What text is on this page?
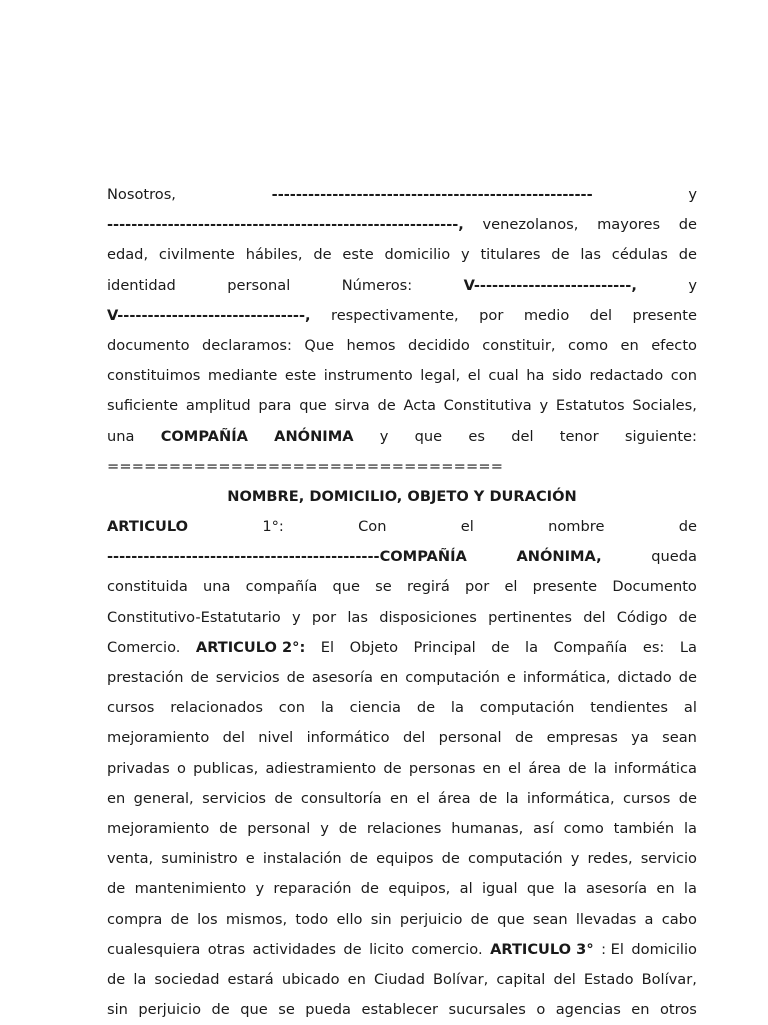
Nosotros,	-----------------------------------------------------	y
----------------------------------------------------------, venezolanos, mayores de
edad, civilmente hábiles, de este domicilio y titulares de las cédulas de
identidad	personal	Números:	V--------------------------,	y
V-------------------------------, respectivamente, por medio del presente
documento declaramos: Que hemos decidido constituir, como en efecto
constituimos mediante este instrumento legal, el cual ha sido redactado con
suficiente amplitud para que sirva de Acta Constitutiva y Estatutos Sociales,
una COMPAÑÍA ANÓNIMA y que es del tenor siguiente:
================================
NOMBRE, DOMICILIO, OBJETO Y DURACIÓN
ARTICULO	1°:	Con	el	nombre	de
---------------------------------------------COMPAÑÍA	ANÓNIMA,	queda
constituida una compañía que se regirá por el presente Documento
Constitutivo-Estatutario y por las disposiciones pertinentes del Código de
Comercio. ARTICULO 2°: El Objeto Principal de la Compañía es: La
prestación de servicios de asesoría en computación e informática, dictado de
cursos relacionados con la ciencia de la computación tendientes al
mejoramiento del nivel informático del personal de empresas ya sean
privadas o publicas, adiestramiento de personas en el área de la informática
en general, servicios de consultoría en el área de la informática, cursos de
mejoramiento de personal y de relaciones humanas, así como también la
venta, suministro e instalación de equipos de computación y redes, servicio
de mantenimiento y reparación de equipos, al igual que la asesoría en la
compra de los mismos, todo ello sin perjuicio de que sean llevadas a cabo
cualesquiera otras actividades de licito comercio. ARTICULO 3° : El domicilio
de la sociedad estará ubicado en Ciudad Bolívar, capital del Estado Bolívar,
sin perjuicio de que se pueda establecer sucursales o agencias en otros
